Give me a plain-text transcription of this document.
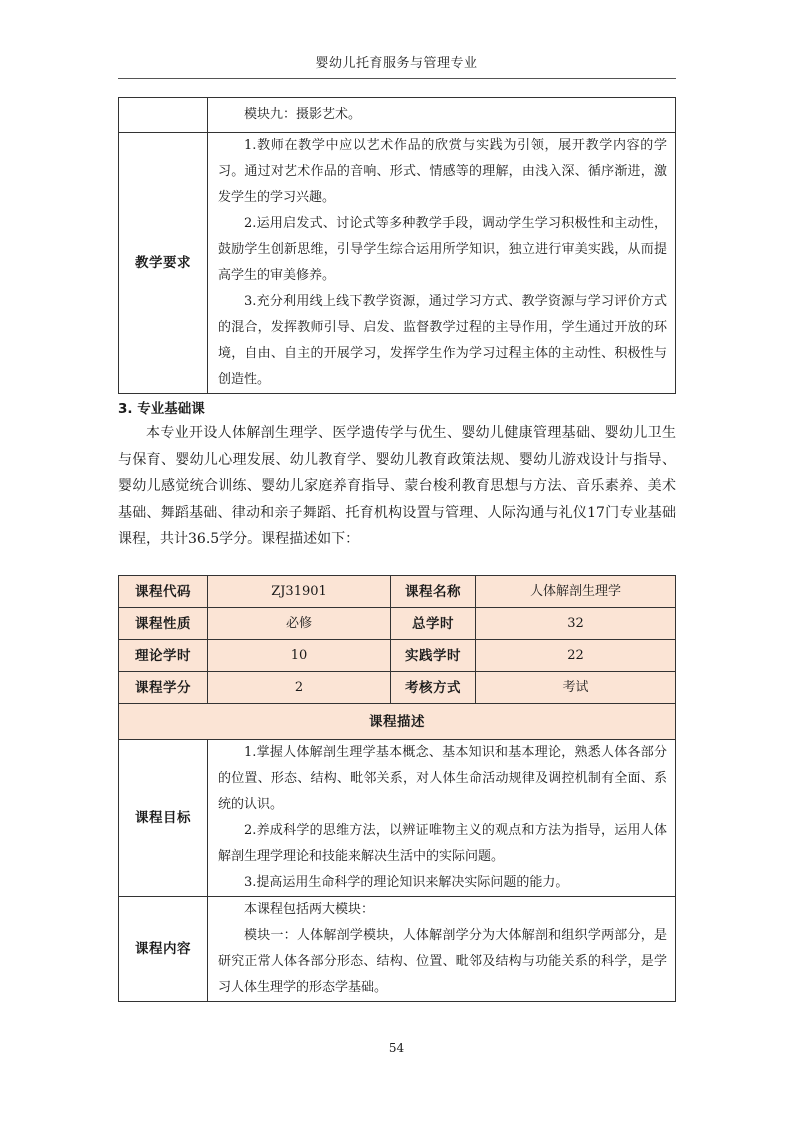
婴幼儿托育服务与管理专业

	模块九：摄影艺术。

教学要求	1.教师在教学中应以艺术作品的欣赏与实践为引领，展开教学内容的学习。通过对艺术作品的音响、形式、情感等的理解，由浅入深、循序渐进，激发学生的学习兴趣。

2.运用启发式、讨论式等多种教学手段，调动学生学习积极性和主动性，鼓励学生创新思维，引导学生综合运用所学知识，独立进行审美实践，从而提高学生的审美修养。

3.充分利用线上线下教学资源，通过学习方式、教学资源与学习评价方式的混合，发挥教师引导、启发、监督教学过程的主导作用，学生通过开放的环境，自由、自主的开展学习，发挥学生作为学习过程主体的主动性、积极性与创造性。

3. 专业基础课

本专业开设人体解剖生理学、医学遗传学与优生、婴幼儿健康管理基础、婴幼儿卫生与保育、婴幼儿心理发展、幼儿教育学、婴幼儿教育政策法规、婴幼儿游戏设计与指导、婴幼儿感觉统合训练、婴幼儿家庭养育指导、蒙台梭利教育思想与方法、音乐素养、美术基础、舞蹈基础、律动和亲子舞蹈、托育机构设置与管理、人际沟通与礼仪17门专业基础课程，共计36.5学分。课程描述如下：

课程代码	ZJ31901	课程名称	人体解剖生理学
课程性质	必修	总学时	32
理论学时	10	实践学时	22
课程学分	2	考核方式	考试
课程描述			
课程目标	1.掌握人体解剖生理学基本概念、基本知识和基本理论，熟悉人体各部分的位置、形态、结构、毗邻关系，对人体生命活动规律及调控机制有全面、系统的认识。

2.养成科学的思维方法，以辨证唯物主义的观点和方法为指导，运用人体解剖生理学理论和技能来解决生活中的实际问题。

3.提高运用生命科学的理论知识来解决实际问题的能力。		

课程内容	本课程包括两大模块：

模块一：人体解剖学模块，人体解剖学分为大体解剖和组织学两部分，是研究正常人体各部分形态、结构、位置、毗邻及结构与功能关系的科学，是学习人体生理学的形态学基础。		

54
